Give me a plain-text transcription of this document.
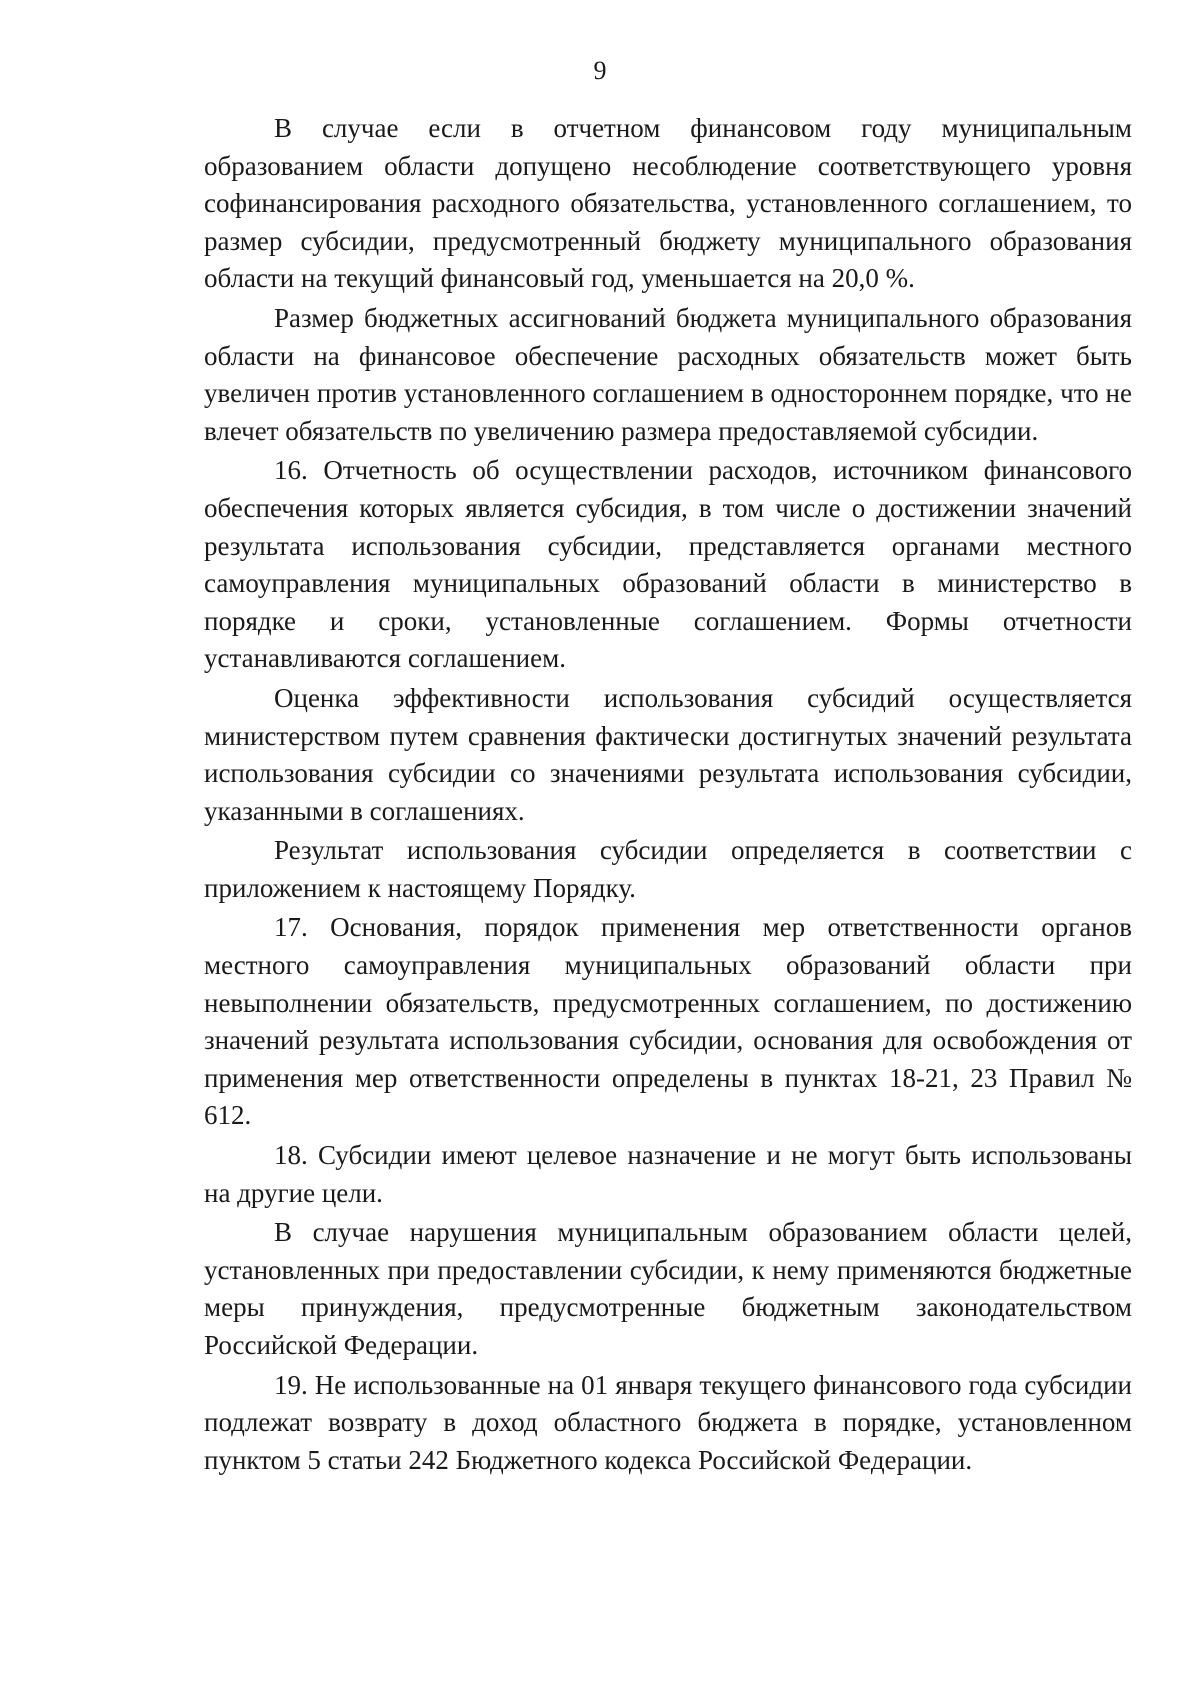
9

В случае если в отчетном финансовом году муниципальным образованием области допущено несоблюдение соответствующего уровня софинансирования расходного обязательства, установленного соглашением, то размер субсидии, предусмотренный бюджету муниципального образования области на текущий финансовый год, уменьшается на 20,0 %.

Размер бюджетных ассигнований бюджета муниципального образования области на финансовое обеспечение расходных обязательств может быть увеличен против установленного соглашением в одностороннем порядке, что не влечет обязательств по увеличению размера предоставляемой субсидии.

16. Отчетность об осуществлении расходов, источником финансового обеспечения которых является субсидия, в том числе о достижении значений результата использования субсидии, представляется органами местного самоуправления муниципальных образований области в министерство в порядке и сроки, установленные соглашением. Формы отчетности устанавливаются соглашением.

Оценка эффективности использования субсидий осуществляется министерством путем сравнения фактически достигнутых значений результата использования субсидии со значениями результата использования субсидии, указанными в соглашениях.

Результат использования субсидии определяется в соответствии с приложением к настоящему Порядку.

17. Основания, порядок применения мер ответственности органов местного самоуправления муниципальных образований области при невыполнении обязательств, предусмотренных соглашением, по достижению значений результата использования субсидии, основания для освобождения от применения мер ответственности определены в пунктах 18-21, 23 Правил № 612.

18. Субсидии имеют целевое назначение и не могут быть использованы на другие цели.

В случае нарушения муниципальным образованием области целей, установленных при предоставлении субсидии, к нему применяются бюджетные меры принуждения, предусмотренные бюджетным законодательством Российской Федерации.

19. Не использованные на 01 января текущего финансового года субсидии подлежат возврату в доход областного бюджета в порядке, установленном пунктом 5 статьи 242 Бюджетного кодекса Российской Федерации.
